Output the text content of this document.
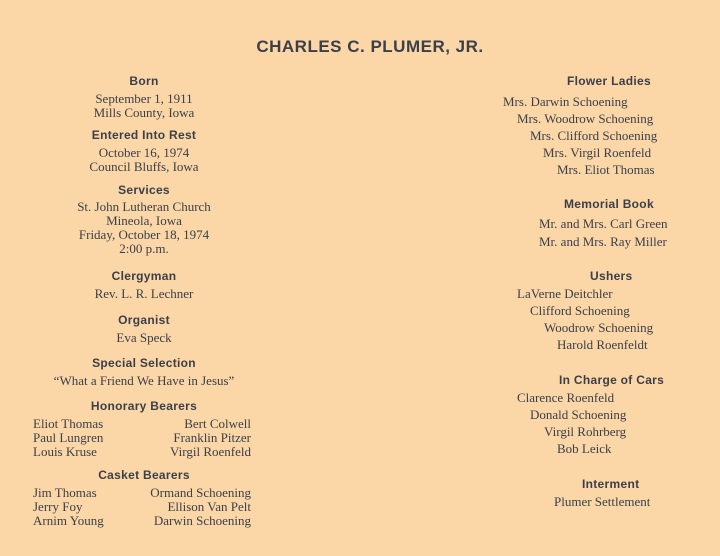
CHARLES C. PLUMER, JR.
Born
September 1, 1911
Mills County, Iowa
Entered Into Rest
October 16, 1974
Council Bluffs, Iowa
Services
St. John Lutheran Church
Mineola, Iowa
Friday, October 18, 1974
2:00 p.m.
Clergyman
Rev. L. R. Lechner
Organist
Eva Speck
Special Selection
“What a Friend We Have in Jesus”
Honorary Bearers
Eliot Thomas	Bert Colwell
Paul Lungren	Franklin Pitzer
Louis Kruse	Virgil Roenfeld
Casket Bearers
Jim Thomas	Ormand Schoening
Jerry Foy	Ellison Van Pelt
Arnim Young	Darwin Schoening
Flower Ladies
Mrs. Darwin Schoening
Mrs. Woodrow Schoening
Mrs. Clifford Schoening
Mrs. Virgil Roenfeld
Mrs. Eliot Thomas
Memorial Book
Mr. and Mrs. Carl Green
Mr. and Mrs. Ray Miller
Ushers
LaVerne Deitchler
Clifford Schoening
Woodrow Schoening
Harold Roenfeldt
In Charge of Cars
Clarence Roenfeld
Donald Schoening
Virgil Rohrberg
Bob Leick
Interment
Plumer Settlement
